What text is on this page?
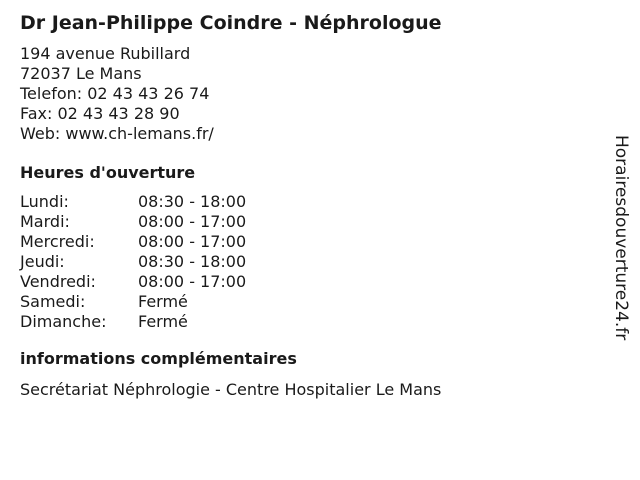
Dr Jean-Philippe Coindre - Néphrologue
194 avenue Rubillard
72037 Le Mans
Telefon: 02 43 43 26 74
Fax: 02 43 43 28 90
Web: www.ch-lemans.fr/
Heures d'ouverture
Lundi:	08:30 - 18:00
Mardi:	08:00 - 17:00
Mercredi:	08:00 - 17:00
Jeudi:	08:30 - 18:00
Vendredi:	08:00 - 17:00
Samedi:	Fermé
Dimanche:	Fermé
informations complémentaires
Secrétariat Néphrologie - Centre Hospitalier Le Mans
Horairesdouverture24.fr
